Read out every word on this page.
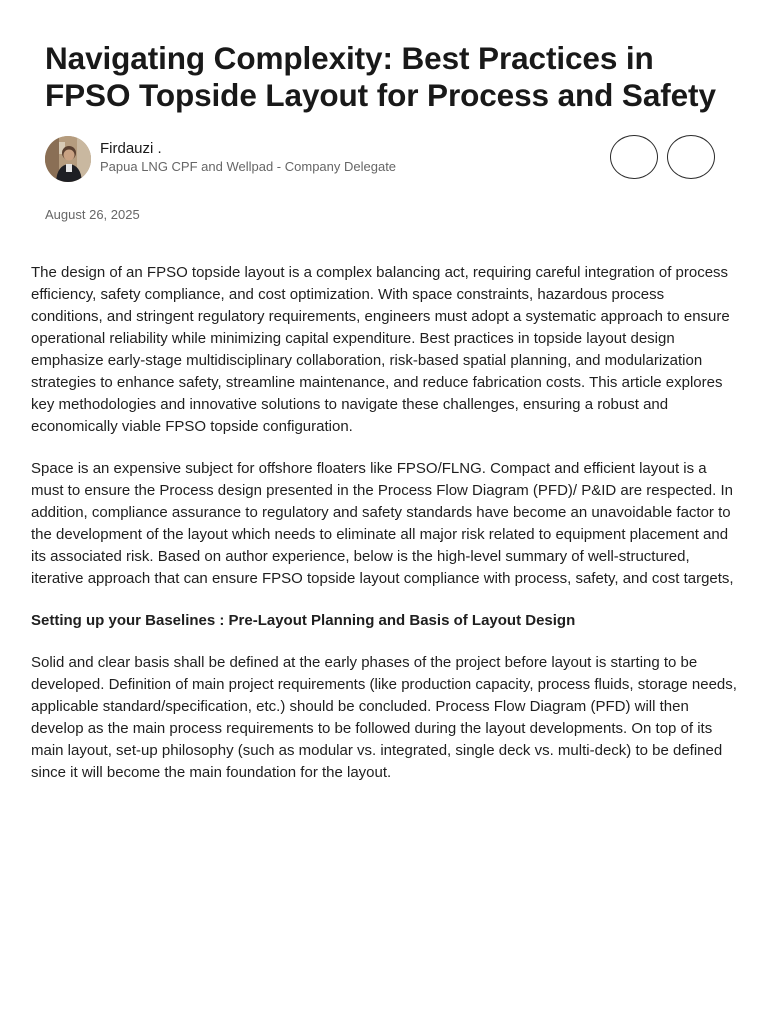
Navigating Complexity: Best Practices in FPSO Topside Layout for Process and Safety
Firdauzi .
Papua LNG CPF and Wellpad - Company Delegate
August 26, 2025

The design of an FPSO topside layout is a complex balancing act, requiring careful integration of process efficiency, safety compliance, and cost optimization. With space constraints, hazardous process conditions, and stringent regulatory requirements, engineers must adopt a systematic approach to ensure operational reliability while minimizing capital expenditure. Best practices in topside layout design emphasize early-stage multidisciplinary collaboration, risk-based spatial planning, and modularization strategies to enhance safety, streamline maintenance, and reduce fabrication costs. This article explores key methodologies and innovative solutions to navigate these challenges, ensuring a robust and economically viable FPSO topside configuration.

Space is an expensive subject for offshore floaters like FPSO/FLNG. Compact and efficient layout is a must to ensure the Process design presented in the Process Flow Diagram (PFD)/ P&ID are respected. In addition, compliance assurance to regulatory and safety standards have become an unavoidable factor to the development of the layout which needs to eliminate all major risk related to equipment placement and its associated risk. Based on author experience, below is the high-level summary of well-structured, iterative approach that can ensure FPSO topside layout compliance with process, safety, and cost targets,

Setting up your Baselines : Pre-Layout Planning and Basis of Layout Design

Solid and clear basis shall be defined at the early phases of the project before layout is starting to be developed. Definition of main project requirements (like production capacity, process fluids, storage needs, applicable standard/specification, etc.) should be concluded. Process Flow Diagram (PFD) will then develop as the main process requirements to be followed during the layout developments. On top of its main layout, set-up philosophy (such as modular vs. integrated, single deck vs. multi-deck) to be defined since it will become the main foundation for the layout.
